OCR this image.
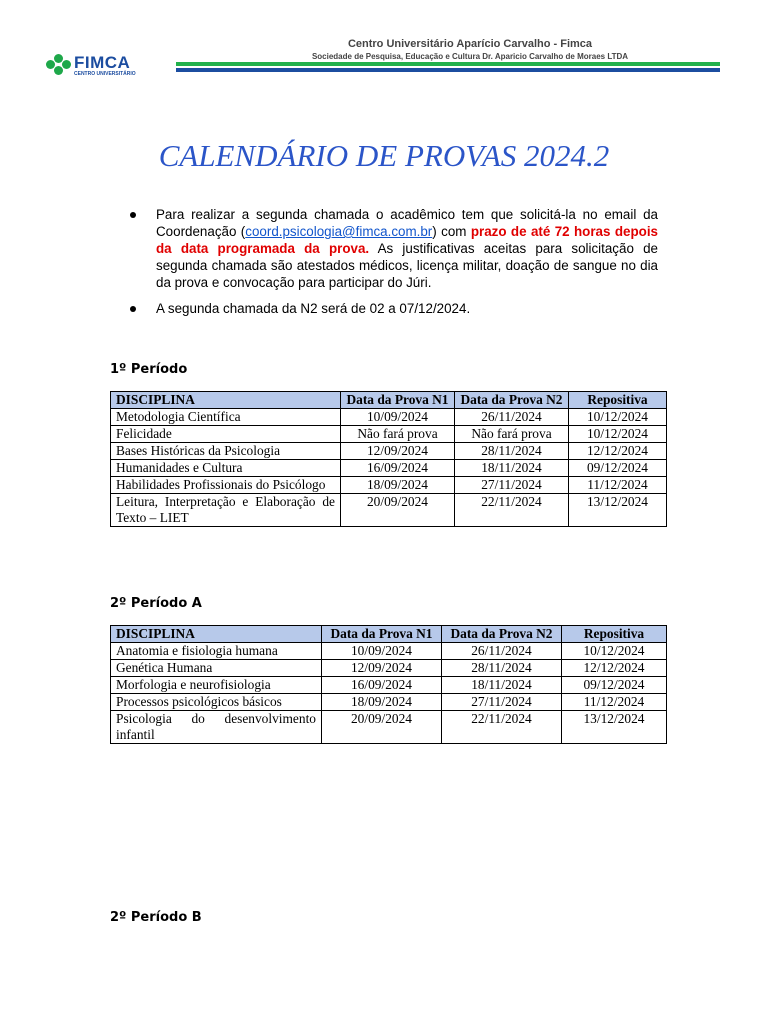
FIMCA
CENTRO UNIVERSITÁRIO
Centro Universitário Aparício Carvalho - Fimca
Sociedade de Pesquisa, Educação e Cultura Dr. Aparicio Carvalho de Moraes LTDA
CALENDÁRIO DE PROVAS 2024.2
Para realizar a segunda chamada o acadêmico tem que solicitá-la no email da Coordenação (coord.psicologia@fimca.com.br) com prazo de até 72 horas depois da data programada da prova. As justificativas aceitas para solicitação de segunda chamada são atestados médicos, licença militar, doação de sangue no dia da prova e convocação para participar do Júri.
A segunda chamada da N2 será de 02 a 07/12/2024.
1º Período
DISCIPLINA	Data da Prova N1	Data da Prova N2	Repositiva
Metodologia Científica	10/09/2024	26/11/2024	10/12/2024
Felicidade	Não fará prova	Não fará prova	10/12/2024
Bases Históricas da Psicologia	12/09/2024	28/11/2024	12/12/2024
Humanidades e Cultura	16/09/2024	18/11/2024	09/12/2024
Habilidades Profissionais do Psicólogo	18/09/2024	27/11/2024	11/12/2024
Leitura, Interpretação e Elaboração de Texto – LIET	20/09/2024	22/11/2024	13/12/2024
2º Período A
DISCIPLINA	Data da Prova N1	Data da Prova N2	Repositiva
Anatomia e fisiologia humana	10/09/2024	26/11/2024	10/12/2024
Genética Humana	12/09/2024	28/11/2024	12/12/2024
Morfologia e neurofisiologia	16/09/2024	18/11/2024	09/12/2024
Processos psicológicos básicos	18/09/2024	27/11/2024	11/12/2024
Psicologia do desenvolvimento infantil	20/09/2024	22/11/2024	13/12/2024
2º Período B
